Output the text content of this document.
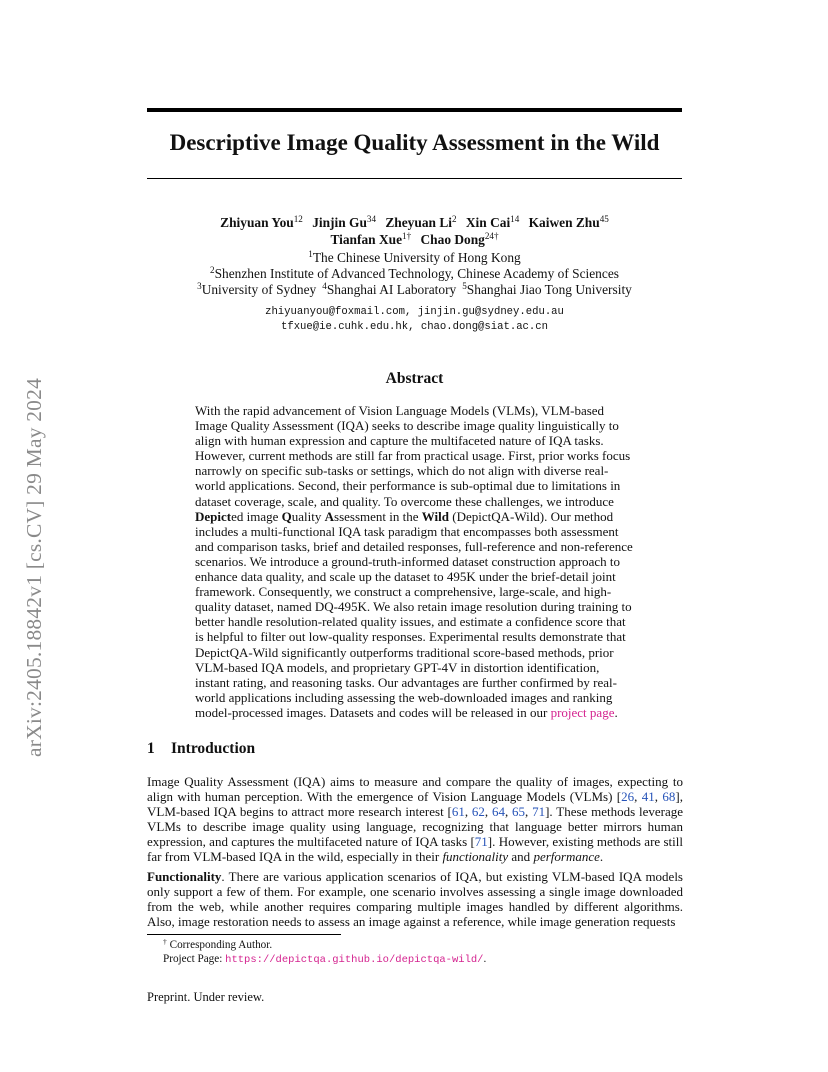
arXiv:2405.18842v1 [cs.CV] 29 May 2024
Descriptive Image Quality Assessment in the Wild
Zhiyuan You$^{12}$ Jinjin Gu$^{34}$ Zheyuan Li$^2$ Xin Cai$^{14}$ Kaiwen Zhu$^{45}$
Tianfan Xue$^{1\dagger}$ Chao Dong$^{24\dagger}$
$^1$The Chinese University of Hong Kong
$^2$Shenzhen Institute of Advanced Technology, Chinese Academy of Sciences
$^3$University of Sydney $^4$Shanghai AI Laboratory $^5$Shanghai Jiao Tong University
zhiyuanyou@foxmail.com, jinjin.gu@sydney.edu.au
tfxue@ie.cuhk.edu.hk, chao.dong@siat.ac.cn
Abstract
With the rapid advancement of Vision Language Models (VLMs), VLM-based Image Quality Assessment (IQA) seeks to describe image quality linguistically to align with human expression and capture the multifaceted nature of IQA tasks. However, current methods are still far from practical usage. First, prior works focus narrowly on specific sub-tasks or settings, which do not align with diverse real-world applications. Second, their performance is sub-optimal due to limitations in dataset coverage, scale, and quality. To overcome these challenges, we introduce Depicted image Quality Assessment in the Wild (DepictQA-Wild). Our method includes a multi-functional IQA task paradigm that encompasses both assessment and comparison tasks, brief and detailed responses, full-reference and non-reference scenarios. We introduce a ground-truth-informed dataset construction approach to enhance data quality, and scale up the dataset to 495K under the brief-detail joint framework. Consequently, we construct a comprehensive, large-scale, and high-quality dataset, named DQ-495K. We also retain image resolution during training to better handle resolution-related quality issues, and estimate a confidence score that is helpful to filter out low-quality responses. Experimental results demonstrate that DepictQA-Wild significantly outperforms traditional score-based methods, prior VLM-based IQA models, and proprietary GPT-4V in distortion identification, instant rating, and reasoning tasks. Our advantages are further confirmed by real-world applications including assessing the web-downloaded images and ranking model-processed images. Datasets and codes will be released in our project page.
1 Introduction
Image Quality Assessment (IQA) aims to measure and compare the quality of images, expecting to align with human perception. With the emergence of Vision Language Models (VLMs) [26, 41, 68], VLM-based IQA begins to attract more research interest [61, 62, 64, 65, 71]. These methods leverage VLMs to describe image quality using language, recognizing that language better mirrors human expression, and captures the multifaceted nature of IQA tasks [71]. However, existing methods are still far from VLM-based IQA in the wild, especially in their functionality and performance.
Functionality. There are various application scenarios of IQA, but existing VLM-based IQA models only support a few of them. For example, one scenario involves assessing a single image downloaded from the web, while another requires comparing multiple images handled by different algorithms. Also, image restoration needs to assess an image against a reference, while image generation requests
† Corresponding Author.
Project Page: https://depictqa.github.io/depictqa-wild/.
Preprint. Under review.
